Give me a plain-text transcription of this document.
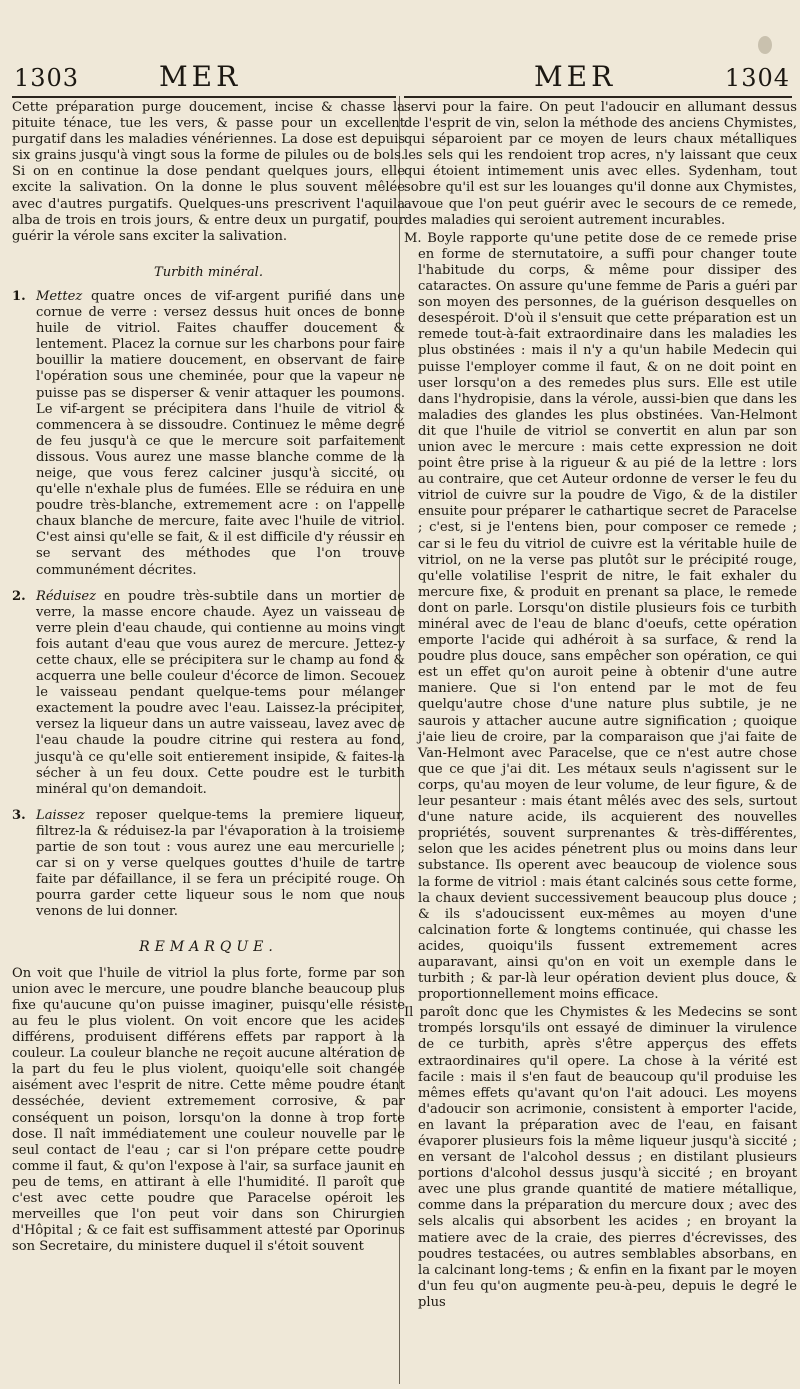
1303	MER	MER	1304

Cette préparation purge doucement, incise & chasse la pituite ténace, tue les vers, & passe pour un excellent purgatif dans les maladies vénériennes. La dose est depuis six grains jusqu'à vingt sous la forme de pilules ou de bols. Si on en continue la dose pendant quelques jours, elle excite la salivation. On la donne le plus souvent mêlée avec d'autres purgatifs. Quelques-uns prescrivent l'aquila alba de trois en trois jours, & entre deux un purgatif, pour guérir la vérole sans exciter la salivation.

Turbith minéral.
1. Mettez quatre onces de vif-argent purifié dans une cornue de verre : versez dessus huit onces de bonne huile de vitriol. Faites chauffer doucement & lentement. Placez la cornue sur les charbons pour faire bouillir la matiere doucement, en observant de faire l'opération sous une cheminée, pour que la vapeur ne puisse pas se disperser & venir attaquer les poumons. Le vif-argent se précipitera dans l'huile de vitriol & commencera à se dissoudre. Continuez le même degré de feu jusqu'à ce que le mercure soit parfaitement dissous. Vous aurez une masse blanche comme de la neige, que vous ferez calciner jusqu'à siccité, ou qu'elle n'exhale plus de fumées. Elle se réduira en une poudre très-blanche, extremement acre : on l'appelle chaux blanche de mercure, faite avec l'huile de vitriol. C'est ainsi qu'elle se fait, & il est difficile d'y réussir en se servant des méthodes que l'on trouve communément décrites.
2. Réduisez en poudre très-subtile dans un mortier de verre, la masse encore chaude. Ayez un vaisseau de verre plein d'eau chaude, qui contienne au moins vingt fois autant d'eau que vous aurez de mercure. Jettez-y cette chaux, elle se précipitera sur le champ au fond & acquerra une belle couleur d'écorce de limon. Secouez le vaisseau pendant quelque-tems pour mélanger exactement la poudre avec l'eau. Laissez-la précipiter, versez la liqueur dans un autre vaisseau, lavez avec de l'eau chaude la poudre citrine qui restera au fond, jusqu'à ce qu'elle soit entierement insipide, & faites-la sécher à un feu doux. Cette poudre est le turbith minéral qu'on demandoit.
3. Laissez reposer quelque-tems la premiere liqueur, filtrez-la & réduisez-la par l'évaporation à la troisieme partie de son tout : vous aurez une eau mercurielle ; car si on y verse quelques gouttes d'huile de tartre faite par défaillance, il se fera un précipité rouge. On pourra garder cette liqueur sous le nom que nous venons de lui donner.
REMARQUE.

On voit que l'huile de vitriol la plus forte, forme par son union avec le mercure, une poudre blanche beaucoup plus fixe qu'aucune qu'on puisse imaginer, puisqu'elle résiste au feu le plus violent. On voit encore que les acides différens, produisent différens effets par rapport à la couleur. La couleur blanche ne reçoit aucune altération de la part du feu le plus violent, quoiqu'elle soit changée aisément avec l'esprit de nitre. Cette même poudre étant desséchée, devient extremement corrosive, & par conséquent un poison, lorsqu'on la donne à trop forte dose. Il naît immédiatement une couleur nouvelle par le seul contact de l'eau ; car si l'on prépare cette poudre comme il faut, & qu'on l'expose à l'air, sa surface jaunit en peu de tems, en attirant à elle l'humidité. Il paroît que c'est avec cette poudre que Paracelse opéroit les merveilles que l'on peut voir dans son Chirurgien d'Hôpital ; & ce fait est suffisamment attesté par Oporinus son Secretaire, du ministere duquel il s'étoit souvent

servi pour la faire. On peut l'adoucir en allumant dessus de l'esprit de vin, selon la méthode des anciens Chymistes, qui séparoient par ce moyen de leurs chaux métalliques les sels qui les rendoient trop acres, n'y laissant que ceux qui étoient intimement unis avec elles. Sydenham, tout sobre qu'il est sur les louanges qu'il donne aux Chymistes, avoue que l'on peut guérir avec le secours de ce remede, des maladies qui seroient autrement incurables.

M. Boyle rapporte qu'une petite dose de ce remede prise en forme de sternutatoire, a suffi pour changer toute l'habitude du corps, & même pour dissiper des cataractes. On assure qu'une femme de Paris a guéri par son moyen des personnes, de la guérison desquelles on desespéroit. D'où il s'ensuit que cette préparation est un remede tout-à-fait extraordinaire dans les maladies les plus obstinées : mais il n'y a qu'un habile Medecin qui puisse l'employer comme il faut, & on ne doit point en user lorsqu'on a des remedes plus surs. Elle est utile dans l'hydropisie, dans la vérole, aussi-bien que dans les maladies des glandes les plus obstinées. Van-Helmont dit que l'huile de vitriol se convertit en alun par son union avec le mercure : mais cette expression ne doit point être prise à la rigueur & au pié de la lettre : lors au contraire, que cet Auteur ordonne de verser le feu du vitriol de cuivre sur la poudre de Vigo, & de la distiler ensuite pour préparer le cathartique secret de Paracelse ; c'est, si je l'entens bien, pour composer ce remede ; car si le feu du vitriol de cuivre est la véritable huile de vitriol, on ne la verse pas plutôt sur le précipité rouge, qu'elle volatilise l'esprit de nitre, le fait exhaler du mercure fixe, & produit en prenant sa place, le remede dont on parle. Lorsqu'on distile plusieurs fois ce turbith minéral avec de l'eau de blanc d'oeufs, cette opération emporte l'acide qui adhéroit à sa surface, & rend la poudre plus douce, sans empêcher son opération, ce qui est un effet qu'on auroit peine à obtenir d'une autre maniere. Que si l'on entend par le mot de feu quelqu'autre chose d'une nature plus subtile, je ne saurois y attacher aucune autre signification ; quoique j'aie lieu de croire, par la comparaison que j'ai faite de Van-Helmont avec Paracelse, que ce n'est autre chose que ce que j'ai dit. Les métaux seuls n'agissent sur le corps, qu'au moyen de leur volume, de leur figure, & de leur pesanteur : mais étant mêlés avec des sels, surtout d'une nature acide, ils acquierent des nouvelles propriétés, souvent surprenantes & très-différentes, selon que les acides pénetrent plus ou moins dans leur substance. Ils operent avec beaucoup de violence sous la forme de vitriol : mais étant calcinés sous cette forme, la chaux devient successivement beaucoup plus douce ; & ils s'adoucissent eux-mêmes au moyen d'une calcination forte & longtems continuée, qui chasse les acides, quoiqu'ils fussent extremement acres auparavant, ainsi qu'on en voit un exemple dans le turbith ; & par-là leur opération devient plus douce, & proportionnellement moins efficace.

Il paroît donc que les Chymistes & les Medecins se sont trompés lorsqu'ils ont essayé de diminuer la virulence de ce turbith, après s'être apperçus des effets extraordinaires qu'il opere. La chose à la vérité est facile : mais il s'en faut de beaucoup qu'il produise les mêmes effets qu'avant qu'on l'ait adouci. Les moyens d'adoucir son acrimonie, consistent à emporter l'acide, en lavant la préparation avec de l'eau, en faisant évaporer plusieurs fois la même liqueur jusqu'à siccité ; en versant de l'alcohol dessus ; en distilant plusieurs portions d'alcohol dessus jusqu'à siccité ; en broyant avec une plus grande quantité de matiere métallique, comme dans la préparation du mercure doux ; avec des sels alcalis qui absorbent les acides ; en broyant la matiere avec de la craie, des pierres d'écrevisses, des poudres testacées, ou autres semblables absorbans, en la calcinant long-tems ; & enfin en la fixant par le moyen d'un feu qu'on augmente peu-à-peu, depuis le degré le plus
